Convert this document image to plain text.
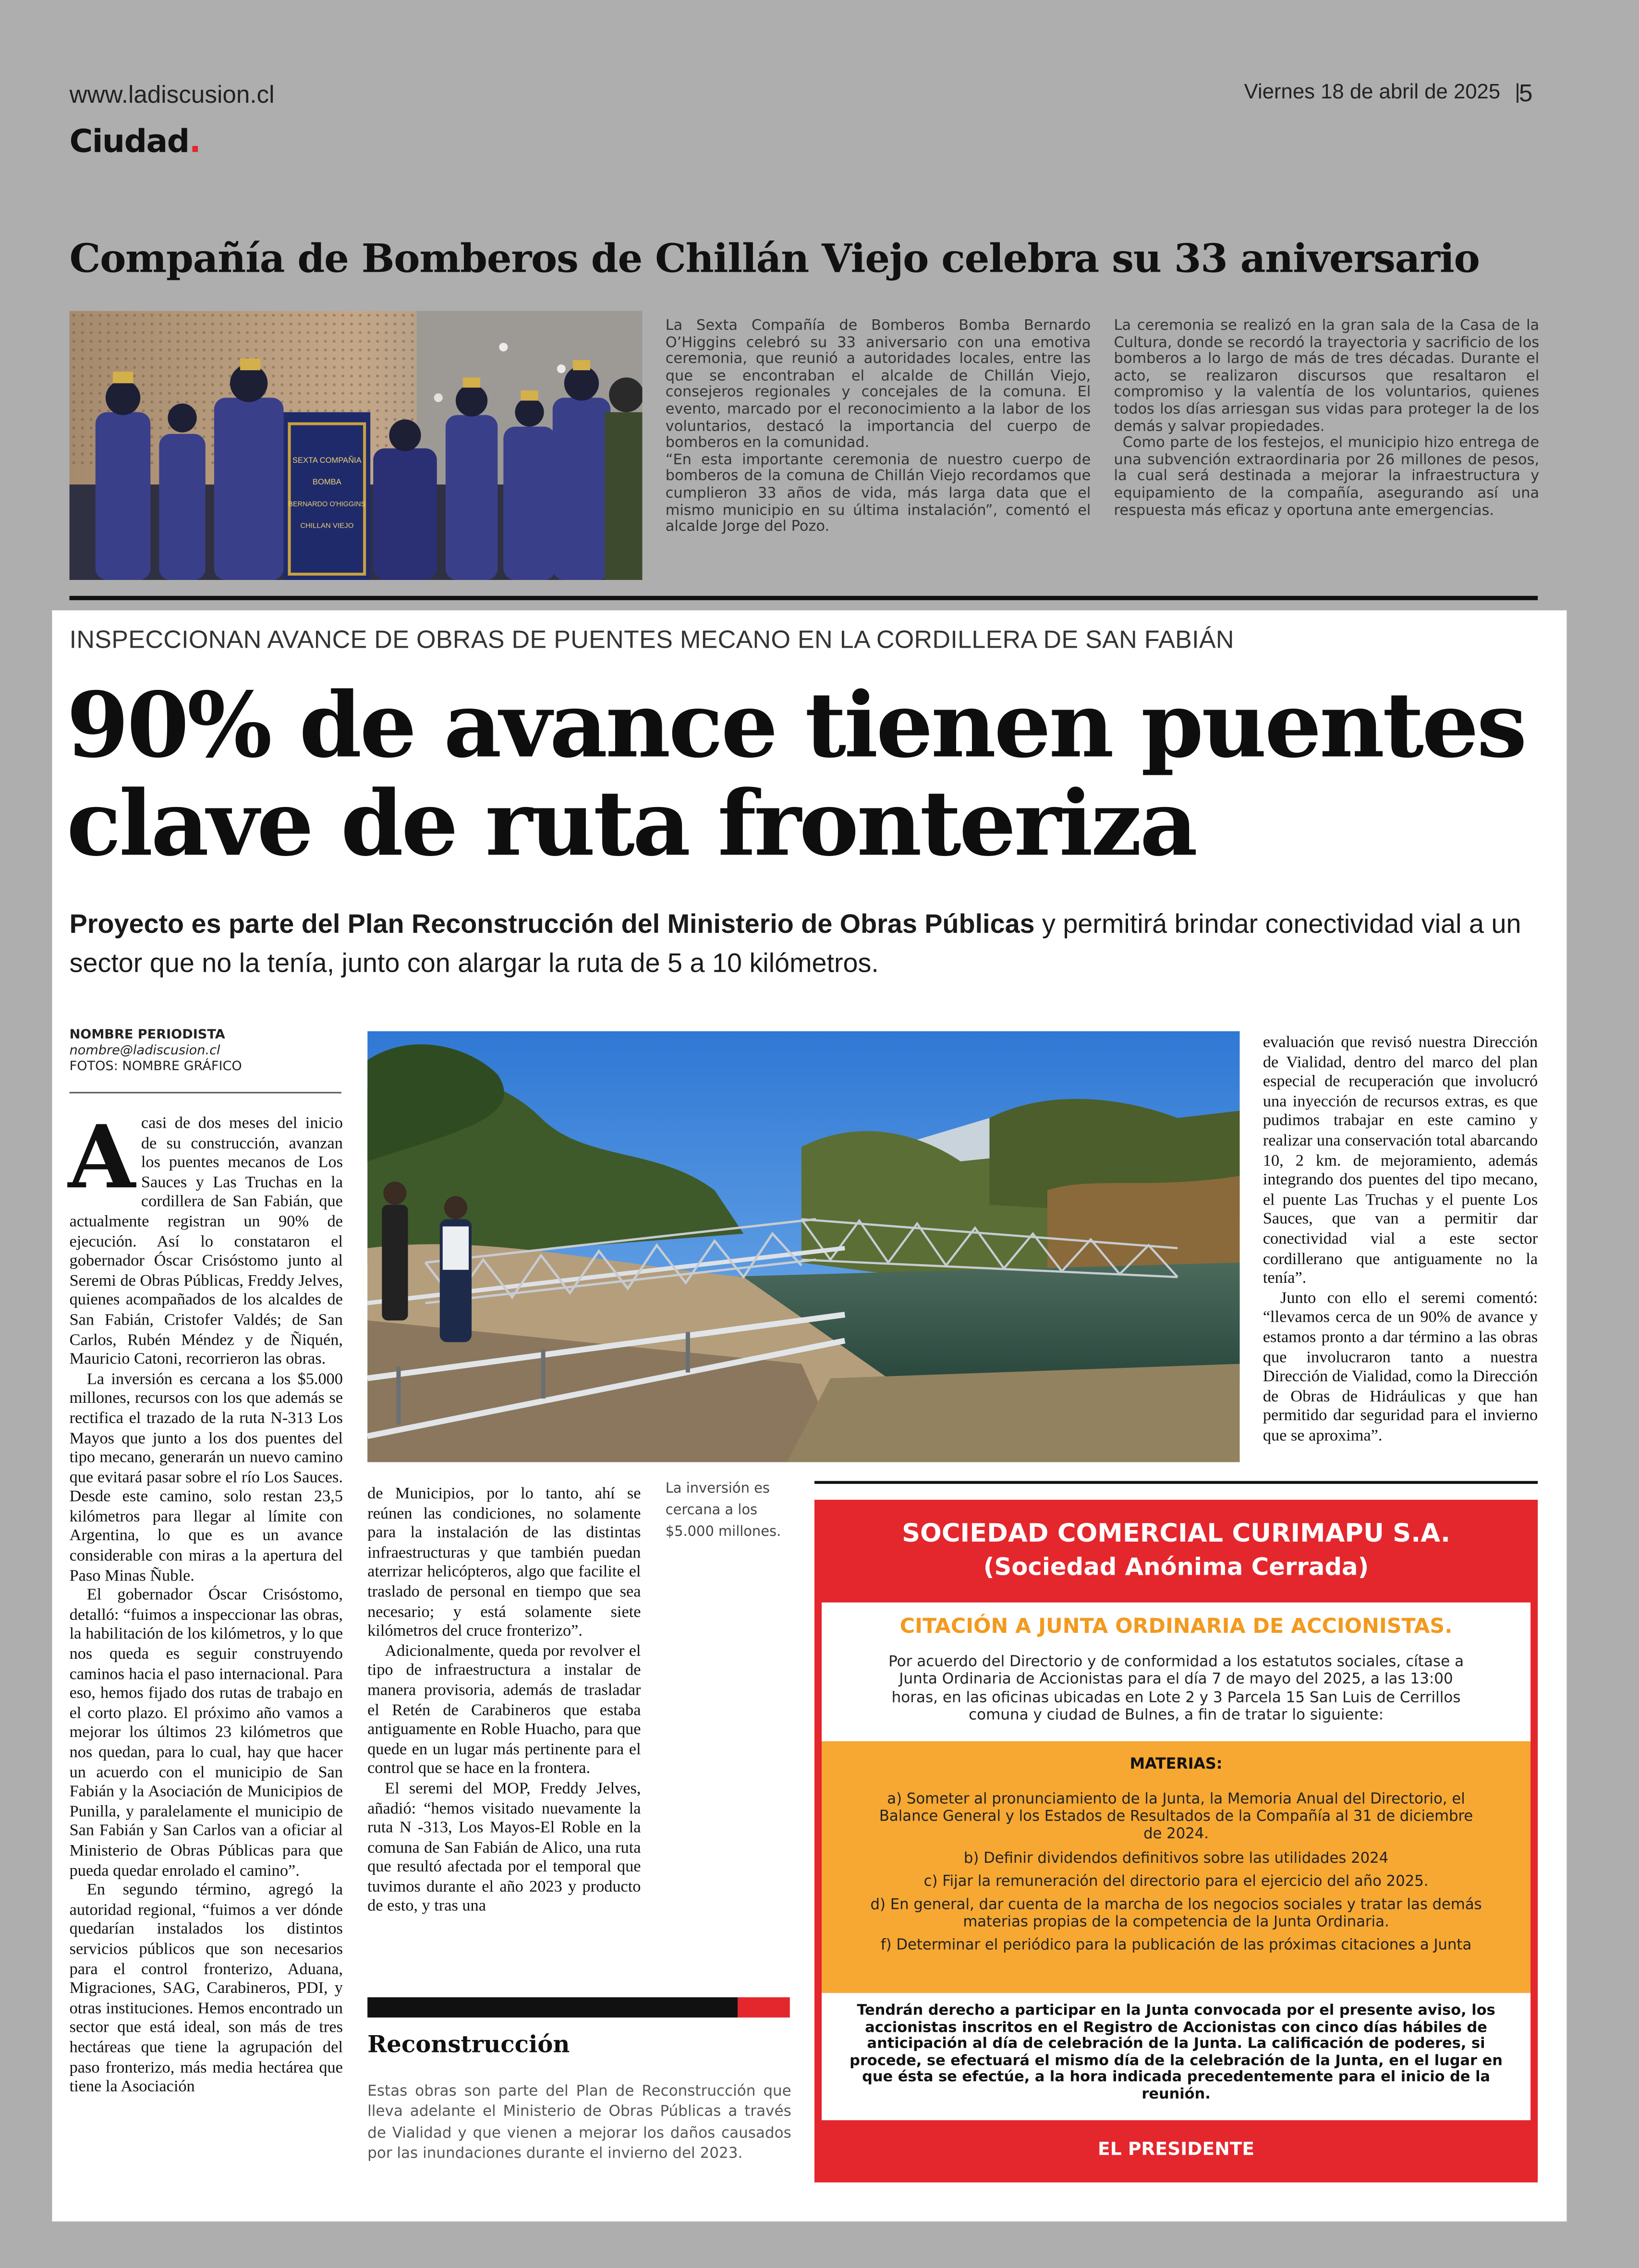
www.ladiscusion.cl	Viernes 18 de abril de 2025 |
5
Ciudad.
Compañía de Bomberos de Chillán Viejo celebra su 33 aniversario
SEXTA COMPAÑIA
BOMBA
BERNARDO O'HIGGINS
CHILLAN VIEJO

La Sexta Compañía de Bomberos Bomba Bernardo O’Higgins celebró su 33 aniversario con una emotiva ceremonia, que reunió a autoridades locales, entre las que se encontraban el alcalde de Chillán Viejo, consejeros regionales y concejales de la comuna. El evento, marcado por el reconocimiento a la labor de los voluntarios, destacó la importancia del cuerpo de bomberos en la comunidad.

“En esta importante ceremonia de nuestro cuerpo de bomberos de la comuna de Chillán Viejo recordamos que cumplieron 33 años de vida, más larga data que el mismo municipio en su última instalación”, comentó el alcalde Jorge del Pozo.

La ceremonia se realizó en la gran sala de la Casa de la Cultura, donde se recordó la trayectoria y sacrificio de los bomberos a lo largo de más de tres décadas. Durante el acto, se realizaron discursos que resaltaron el compromiso y la valentía de los voluntarios, quienes todos los días arriesgan sus vidas para proteger la de los demás y salvar propiedades.

Como parte de los festejos, el municipio hizo entrega de una subvención extraordinaria por 26 millones de pesos, la cual será destinada a mejorar la infraestructura y equipamiento de la compañía, asegurando así una respuesta más eficaz y oportuna ante emergencias.

INSPECCIONAN AVANCE DE OBRAS DE PUENTES MECANO EN LA CORDILLERA DE SAN FABIÁN
90% de avance tienen puentes
clave de ruta fronteriza
Proyecto es parte del Plan Reconstrucción del Ministerio de Obras Públicas y permitirá brindar conectividad vial a un sector que no la tenía, junto con alargar la ruta de 5 a 10 kilómetros.
NOMBRE PERIODISTA
nombre@ladiscusion.cl
FOTOS: NOMBRE GRÁFICO

A casi de dos meses del inicio de su construcción, avanzan los puentes mecanos de Los Sauces y Las Truchas en la cordillera de San Fabián, que actualmente registran un 90% de ejecución. Así lo constataron el gobernador Óscar Crisóstomo junto al Seremi de Obras Públicas, Freddy Jelves, quienes acompañados de los alcaldes de San Fabián, Cristofer Valdés; de San Carlos, Rubén Méndez y de Ñiquén, Mauricio Catoni, recorrieron las obras.

La inversión es cercana a los $5.000 millones, recursos con los que además se rectifica el trazado de la ruta N-313 Los Mayos que junto a los dos puentes del tipo mecano, generarán un nuevo camino que evitará pasar sobre el río Los Sauces. Desde este camino, solo restan 23,5 kilómetros para llegar al límite con Argentina, lo que es un avance considerable con miras a la apertura del Paso Minas Ñuble.

El gobernador Óscar Crisóstomo, detalló: “fuimos a inspeccionar las obras, la habilitación de los kilómetros, y lo que nos queda es seguir construyendo caminos hacia el paso internacional. Para eso, hemos fijado dos rutas de trabajo en el corto plazo. El próximo año vamos a mejorar los últimos 23 kilómetros que nos quedan, para lo cual, hay que hacer un acuerdo con el municipio de San Fabián y la Asociación de Municipios de Punilla, y paralelamente el municipio de San Fabián y San Carlos van a oficiar al Ministerio de Obras Públicas para que pueda quedar enrolado el camino”.

En segundo término, agregó la autoridad regional, “fuimos a ver dónde quedarían instalados los distintos servicios públicos que son necesarios para el control fronterizo, Aduana, Migraciones, SAG, Carabineros, PDI, y otras instituciones. Hemos encontrado un sector que está ideal, son más de tres hectáreas que tiene la agrupación del paso fronterizo, más media hectárea que tiene la Asociación

de Municipios, por lo tanto, ahí se reúnen las condiciones, no solamente para la instalación de las distintas infraestructuras y que también puedan aterrizar helicópteros, algo que facilite el traslado de personal en tiempo que sea necesario; y está solamente siete kilómetros del cruce fronterizo”.

Adicionalmente, queda por revolver el tipo de infraestructura a instalar de manera provisoria, además de trasladar el Retén de Carabineros que estaba antiguamente en Roble Huacho, para que quede en un lugar más pertinente para el control que se hace en la frontera.

El seremi del MOP, Freddy Jelves, añadió: “hemos visitado nuevamente la ruta N -313, Los Mayos-El Roble en la comuna de San Fabián de Alico, una ruta que resultó afectada por el temporal que tuvimos durante el año 2023 y producto de esto, y tras una

La inversión es cercana a los $5.000 millones.

evaluación que revisó nuestra Dirección de Vialidad, dentro del marco del plan especial de recuperación que involucró una inyección de recursos extras, es que pudimos trabajar en este camino y realizar una conservación total abarcando 10, 2 km. de mejoramiento, además integrando dos puentes del tipo mecano, el puente Las Truchas y el puente Los Sauces, que van a permitir dar conectividad vial a este sector cordillerano que antiguamente no la tenía”.

Junto con ello el seremi comentó: “llevamos cerca de un 90% de avance y estamos pronto a dar término a las obras que involucraron tanto a nuestra Dirección de Vialidad, como la Dirección de Obras de Hidráulicas y que han permitido dar seguridad para el invierno que se aproxima”.

Reconstrucción
Estas obras son parte del Plan de Reconstrucción que lleva adelante el Ministerio de Obras Públicas a través de Vialidad y que vienen a mejorar los daños causados por las inundaciones durante el invierno del 2023.
SOCIEDAD COMERCIAL CURIMAPU S.A.
(Sociedad Anónima Cerrada)
CITACIÓN A JUNTA ORDINARIA DE ACCIONISTAS.
Por acuerdo del Directorio y de conformidad a los estatutos sociales, cítase a Junta Ordinaria de Accionistas para el día 7 de mayo del 2025, a las 13:00 horas, en las oficinas ubicadas en Lote 2 y 3 Parcela 15 San Luis de Cerrillos comuna y ciudad de Bulnes, a fin de tratar lo siguiente:
MATERIAS:

a) Someter al pronunciamiento de la Junta, la Memoria Anual del Directorio, el Balance General y los Estados de Resultados de la Compañía al 31 de diciembre de 2024.

b) Definir dividendos definitivos sobre las utilidades 2024

c) Fijar la remuneración del directorio para el ejercicio del año 2025.

d) En general, dar cuenta de la marcha de los negocios sociales y tratar las demás materias propias de la competencia de la Junta Ordinaria.

f) Determinar el periódico para la publicación de las próximas citaciones a Junta

Tendrán derecho a participar en la Junta convocada por el presente aviso, los accionistas inscritos en el Registro de Accionistas con cinco días hábiles de anticipación al día de celebración de la Junta. La calificación de poderes, si procede, se efectuará el mismo día de la celebración de la Junta, en el lugar en que ésta se efectúe, a la hora indicada precedentemente para el inicio de la reunión.
EL PRESIDENTE
